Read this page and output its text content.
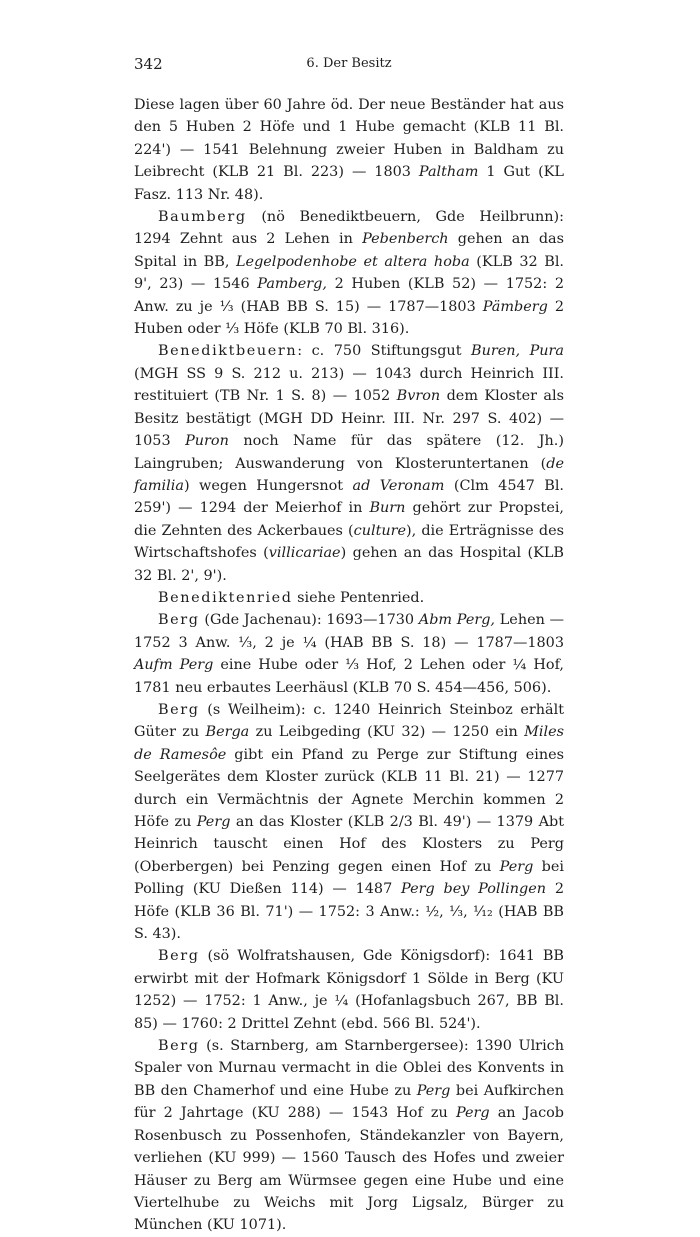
342	6. Der Besitz

Diese lagen über 60 Jahre öd. Der neue Beständer hat aus den 5 Huben 2 Höfe und 1 Hube gemacht (KLB 11 Bl. 224') — 1541 Belehnung zweier Huben in Baldham zu Leibrecht (KLB 21 Bl. 223) — 1803 Paltham 1 Gut (KL Fasz. 113 Nr. 48).

Baumberg (nö Benediktbeuern, Gde Heilbrunn): 1294 Zehnt aus 2 Lehen in Pebenberch gehen an das Spital in BB, Legelpodenhobe et altera hoba (KLB 32 Bl. 9', 23) — 1546 Pamberg, 2 Huben (KLB 52) — 1752: 2 Anw. zu je ⅓ (HAB BB S. 15) — 1787—1803 Pämberg 2 Huben oder ⅓ Höfe (KLB 70 Bl. 316).

Benediktbeuern: c. 750 Stiftungsgut Buren, Pura (MGH SS 9 S. 212 u. 213) — 1043 durch Heinrich III. restituiert (TB Nr. 1 S. 8) — 1052 Bvron dem Kloster als Besitz bestätigt (MGH DD Heinr. III. Nr. 297 S. 402) — 1053 Puron noch Name für das spätere (12. Jh.) Laingruben; Auswanderung von Klosteruntertanen (de familia) wegen Hungersnot ad Veronam (Clm 4547 Bl. 259') — 1294 der Meierhof in Burn gehört zur Propstei, die Zehnten des Ackerbaues (culture), die Erträgnisse des Wirtschaftshofes (villicariae) gehen an das Hospital (KLB 32 Bl. 2', 9').

Benediktenried siehe Pentenried.

Berg (Gde Jachenau): 1693—1730 Abm Perg, Lehen — 1752 3 Anw. ⅓, 2 je ¼ (HAB BB S. 18) — 1787—1803 Aufm Perg eine Hube oder ⅓ Hof, 2 Lehen oder ¼ Hof, 1781 neu erbautes Leerhäusl (KLB 70 S. 454—456, 506).

Berg (s Weilheim): c. 1240 Heinrich Steinboz erhält Güter zu Berga zu Leibgeding (KU 32) — 1250 ein Miles de Ramesôe gibt ein Pfand zu Perge zur Stiftung eines Seelgerätes dem Kloster zurück (KLB 11 Bl. 21) — 1277 durch ein Vermächtnis der Agnete Merchin kommen 2 Höfe zu Perg an das Kloster (KLB 2/3 Bl. 49') — 1379 Abt Heinrich tauscht einen Hof des Klosters zu Perg (Oberbergen) bei Penzing gegen einen Hof zu Perg bei Polling (KU Dießen 114) — 1487 Perg bey Pollingen 2 Höfe (KLB 36 Bl. 71') — 1752: 3 Anw.: ½, ⅓, ¹⁄₁₂ (HAB BB S. 43).

Berg (sö Wolfratshausen, Gde Königsdorf): 1641 BB erwirbt mit der Hofmark Königsdorf 1 Sölde in Berg (KU 1252) — 1752: 1 Anw., je ¼ (Hofanlagsbuch 267, BB Bl. 85) — 1760: 2 Drittel Zehnt (ebd. 566 Bl. 524').

Berg (s. Starnberg, am Starnbergersee): 1390 Ulrich Spaler von Murnau vermacht in die Oblei des Konvents in BB den Chamerhof und eine Hube zu Perg bei Aufkirchen für 2 Jahrtage (KU 288) — 1543 Hof zu Perg an Jacob Rosenbusch zu Possenhofen, Ständekanzler von Bayern, verliehen (KU 999) — 1560 Tausch des Hofes und zweier Häuser zu Berg am Würmsee gegen eine Hube und eine Viertelhube zu Weichs mit Jorg Ligsalz, Bürger zu München (KU 1071).
